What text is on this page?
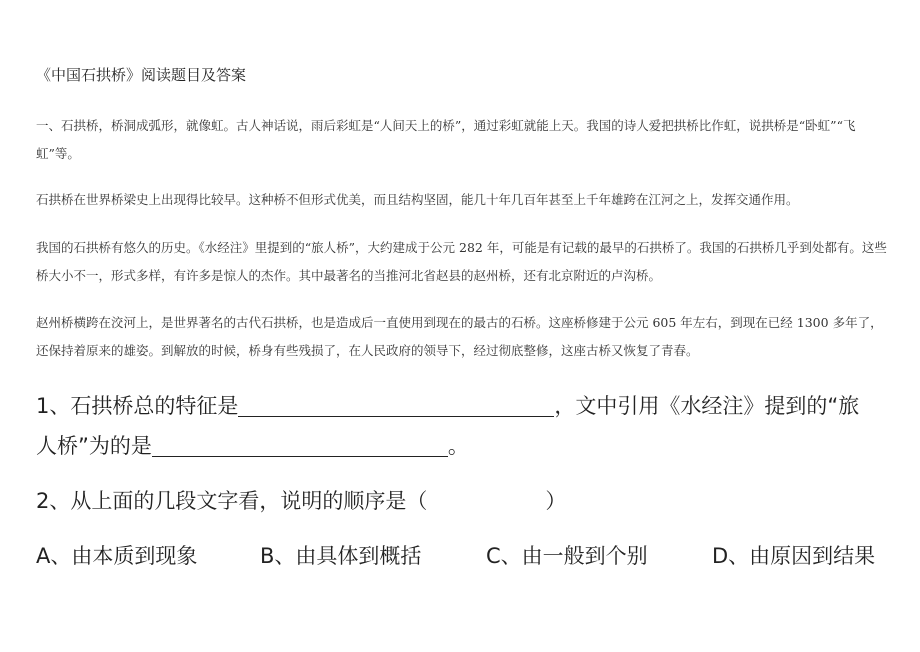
《中国石拱桥》阅读题目及答案
一、石拱桥，桥洞成弧形，就像虹。古人神话说，雨后彩虹是“人间天上的桥”，通过彩虹就能上天。我国的诗人爱把拱桥比作虹，说拱桥是“卧虹”“飞虹”等。
石拱桥在世界桥梁史上出现得比较早。这种桥不但形式优美，而且结构坚固，能几十年几百年甚至上千年雄跨在江河之上，发挥交通作用。
我国的石拱桥有悠久的历史。《水经注》里提到的“旅人桥”，大约建成于公元 282 年，可能是有记载的最早的石拱桥了。我国的石拱桥几乎到处都有。这些桥大小不一，形式多样，有许多是惊人的杰作。其中最著名的当推河北省赵县的赵州桥，还有北京附近的卢沟桥。
赵州桥横跨在洨河上，是世界著名的古代石拱桥，也是造成后一直使用到现在的最古的石桥。这座桥修建于公元 605 年左右，到现在已经 1300 多年了，还保持着原来的雄姿。到解放的时候，桥身有些残损了，在人民政府的领导下，经过彻底整修，这座古桥又恢复了青春。
1、石拱桥总的特征是	，文中引用《水经注》提到的“旅
人桥”为的是	。
2、从上面的几段文字看，说明的顺序是（	）
A、由本质到现象	B、由具体到概括	C、由一般到个别	D、由原因到结果
